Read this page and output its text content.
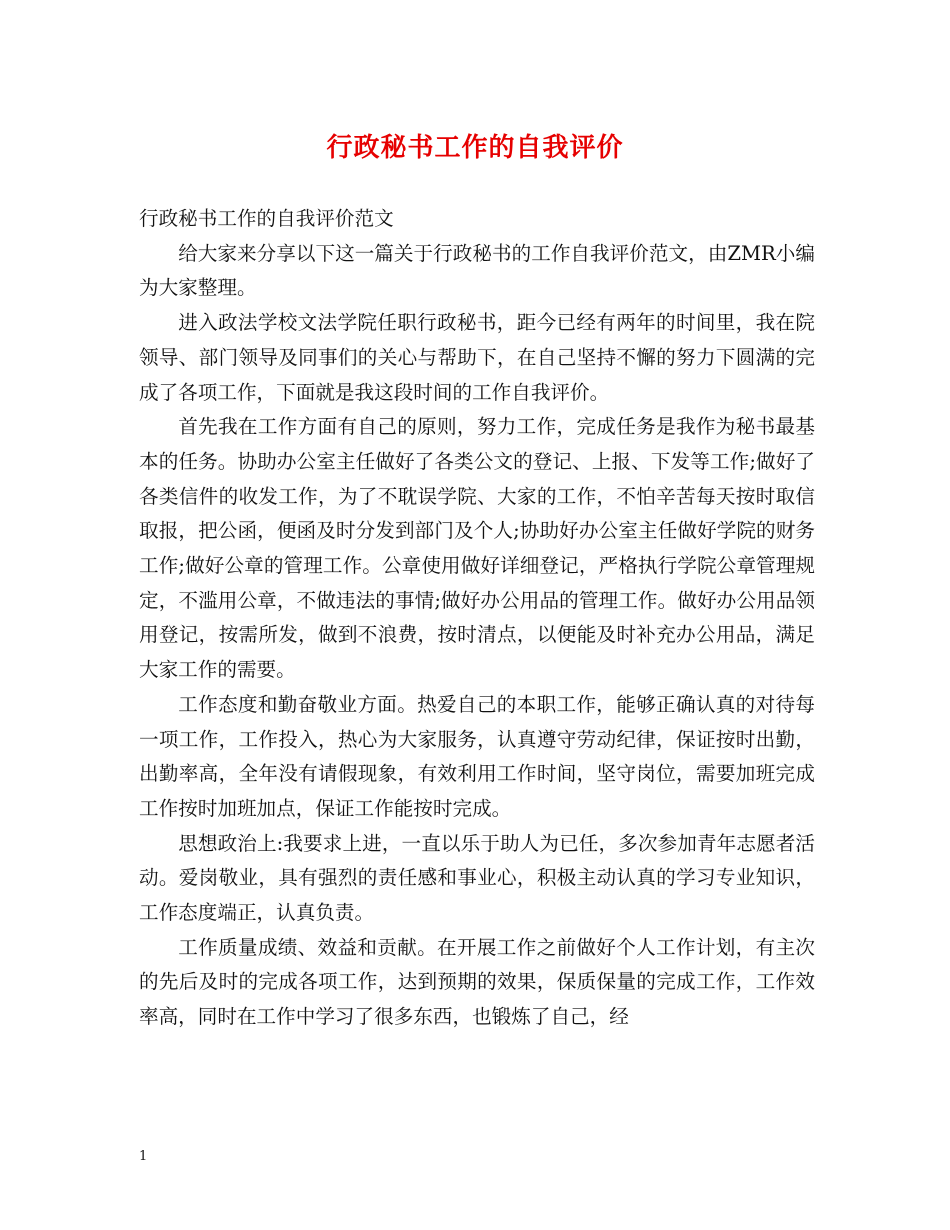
行政秘书工作的自我评价

行政秘书工作的自我评价范文

给大家来分享以下这一篇关于行政秘书的工作自我评价范文，由ZMR小编为大家整理。

进入政法学校文法学院任职行政秘书，距今已经有两年的时间里，我在院领导、部门领导及同事们的关心与帮助下，在自己坚持不懈的努力下圆满的完成了各项工作，下面就是我这段时间的工作自我评价。

首先我在工作方面有自己的原则，努力工作，完成任务是我作为秘书最基本的任务。协助办公室主任做好了各类公文的登记、上报、下发等工作;做好了各类信件的收发工作，为了不耽误学院、大家的工作，不怕辛苦每天按时取信取报，把公函，便函及时分发到部门及个人;协助好办公室主任做好学院的财务工作;做好公章的管理工作。公章使用做好详细登记，严格执行学院公章管理规定，不滥用公章，不做违法的事情;做好办公用品的管理工作。做好办公用品领用登记，按需所发，做到不浪费，按时清点，以便能及时补充办公用品，满足大家工作的需要。

工作态度和勤奋敬业方面。热爱自己的本职工作，能够正确认真的对待每一项工作，工作投入，热心为大家服务，认真遵守劳动纪律，保证按时出勤，出勤率高，全年没有请假现象，有效利用工作时间，坚守岗位，需要加班完成工作按时加班加点，保证工作能按时完成。

思想政治上:我要求上进，一直以乐于助人为已任，多次参加青年志愿者活动。爱岗敬业，具有强烈的责任感和事业心，积极主动认真的学习专业知识，工作态度端正，认真负责。

工作质量成绩、效益和贡献。在开展工作之前做好个人工作计划，有主次的先后及时的完成各项工作，达到预期的效果，保质保量的完成工作，工作效率高，同时在工作中学习了很多东西，也锻炼了自己，经

1
